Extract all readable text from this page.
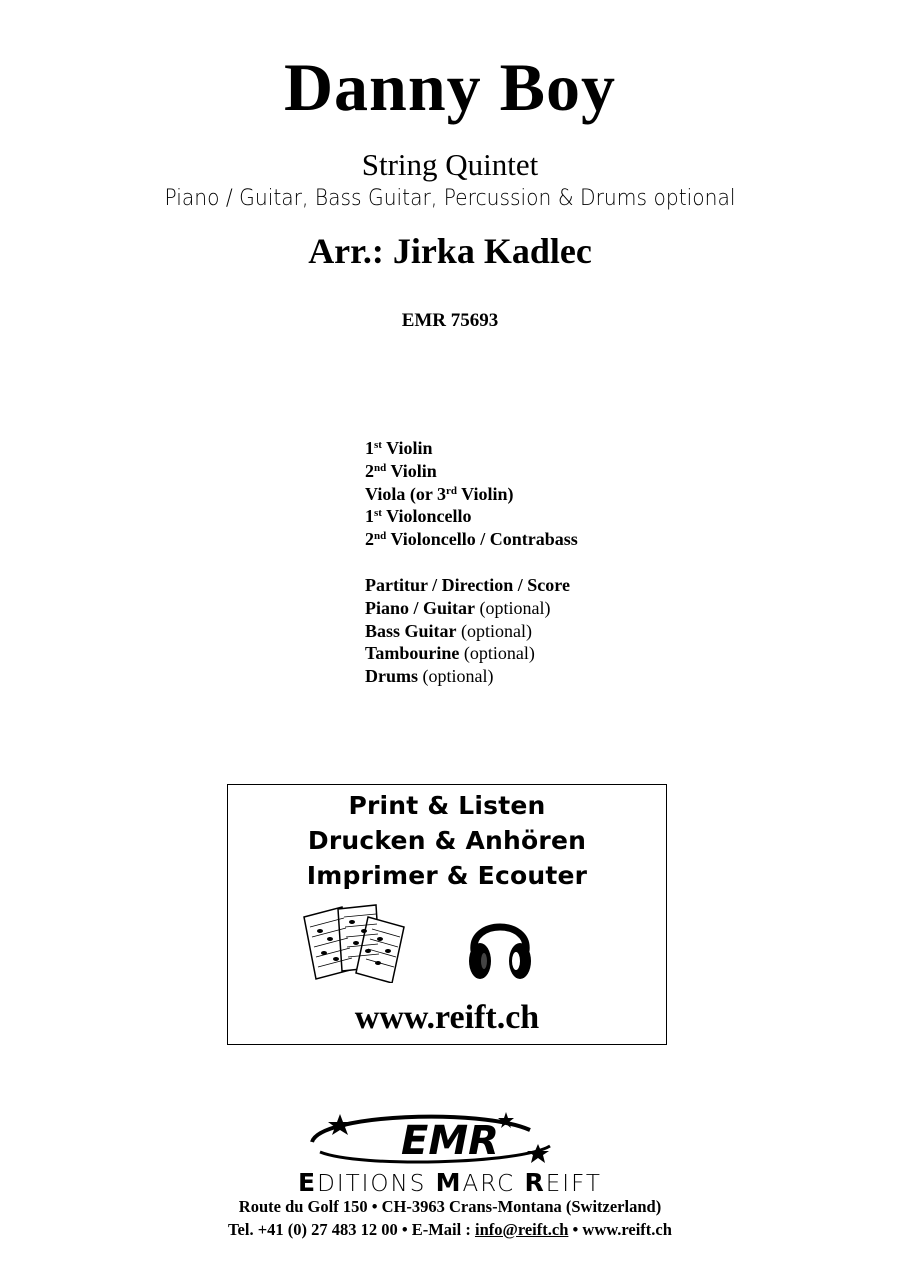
Danny Boy
String Quintet
Piano / Guitar, Bass Guitar, Percussion & Drums optional
Arr.: Jirka Kadlec
EMR 75693
1st Violin
2nd Violin
Viola (or 3rd Violin)
1st Violoncello
2nd Violoncello / Contrabass
Partitur / Direction / Score
Piano / Guitar (optional)
Bass Guitar (optional)
Tambourine (optional)
Drums (optional)
Print & Listen
Drucken & Anhören
Imprimer & Ecouter
www.reift.ch
EMR
EDITIONS MARC REIFT
Route du Golf 150 • CH-3963 Crans-Montana (Switzerland)
Tel. +41 (0) 27 483 12 00 • E-Mail : info@reift.ch • www.reift.ch
